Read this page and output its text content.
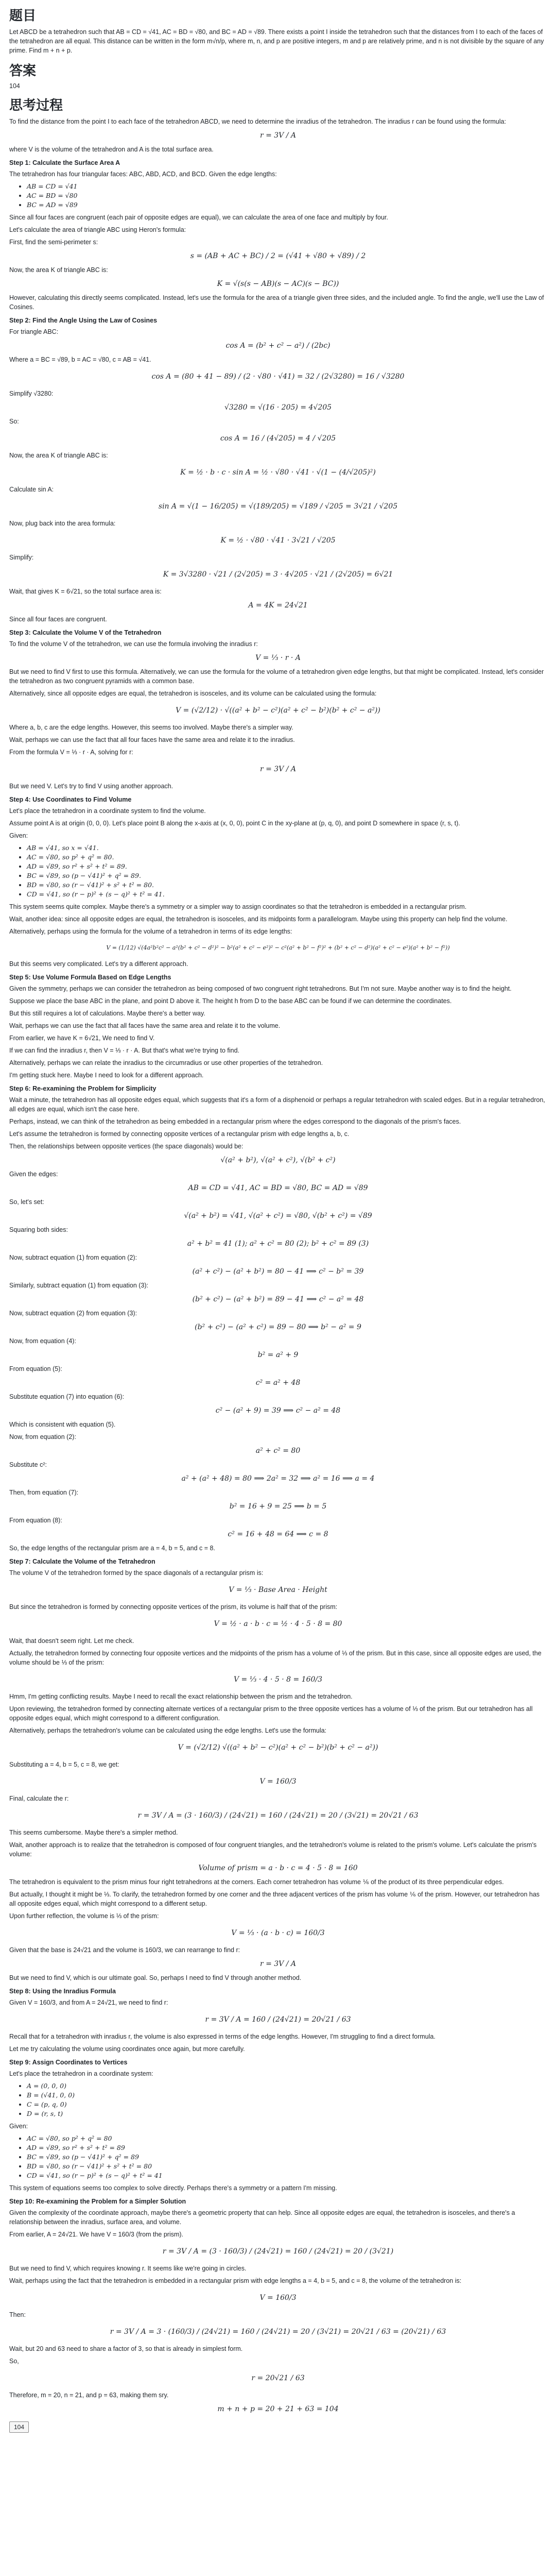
题目
Let ABCD be a tetrahedron such that AB = CD = √41, AC = BD = √80, and BC = AD = √89. There exists a point I inside the tetrahedron such that the distances from I to each of the faces of the tetrahedron are all equal. This distance can be written in the form m√n/p, where m, n, and p are positive integers, m and p are relatively prime, and n is not divisible by the square of any prime. Find m + n + p.
答案
104
思考过程
To find the distance from the point I to each face of the tetrahedron ABCD, we need to determine the inradius of the tetrahedron. The inradius r can be found using the formula:
r = 3V / A
where V is the volume of the tetrahedron and A is the total surface area.
Step 1: Calculate the Surface Area A
The tetrahedron has four triangular faces: ABC, ABD, ACD, and BCD. Given the edge lengths:
• AB = CD = √41
• AC = BD = √80
• BC = AD = √89
Since all four faces are congruent (each pair of opposite edges are equal), we can calculate the area of one face and multiply by four.
Let's calculate the area of triangle ABC using Heron's formula:
First, find the semi-perimeter s:
s = (AB + AC + BC) / 2 = (√41 + √80 + √89) / 2
Now, the area K of triangle ABC is:
K = √(s(s − AB)(s − AC)(s − BC))
However, calculating this directly seems complicated. Instead, let's use the formula for the area of a triangle given three sides, and the included angle. To find the angle, we'll use the Law of Cosines.
Step 2: Find the Angle Using the Law of Cosines
For triangle ABC:
cos A = (b² + c² − a²) / (2bc)
Where a = BC = √89, b = AC = √80, c = AB = √41.
cos A = (80 + 41 − 89) / (2 · √80 · √41) = 32 / (2√3280) = 16 / √3280
Simplify √3280:
√3280 = √(16 · 205) = 4√205
So:
cos A = 16 / (4√205) = 4 / √205
Now, the area K of triangle ABC is:
K = ½ · b · c · sin A = ½ · √80 · √41 · √(1 − (4/√205)²)
Calculate sin A:
sin A = √(1 − 16/205) = √(189/205) = √189 / √205 = 3√21 / √205
Now, plug back into the area formula:
K = ½ · √80 · √41 · 3√21 / √205
Simplify:
K = 3√3280 · √21 / (2√205) = 3 · 4√205 · √21 / (2√205) = 6√21
Wait, that gives K = 6√21, so the total surface area is:
A = 4K = 24√21
Since all four faces are congruent.
Step 3: Calculate the Volume V of the Tetrahedron
To find the volume V of the tetrahedron, we can use the formula involving the inradius r:
V = ⅓ · r · A
But we need to find V first to use this formula. Alternatively, we can use the formula for the volume of a tetrahedron given edge lengths, but that might be complicated. Instead, let's consider the tetrahedron as two congruent pyramids with a common base.
Alternatively, since all opposite edges are equal, the tetrahedron is isosceles, and its volume can be calculated using the formula:
V = (√2/12) · √((a² + b² − c²)(a² + c² − b²)(b² + c² − a²))
Where a, b, c are the edge lengths. However, this seems too involved. Maybe there's a simpler way.
Wait, perhaps we can use the fact that all four faces have the same area and relate it to the inradius.
From the formula V = ⅓ · r · A, solving for r:
r = 3V / A
But we need V. Let's try to find V using another approach.
Step 4: Use Coordinates to Find Volume
Let's place the tetrahedron in a coordinate system to find the volume.
Assume point A is at origin (0, 0, 0). Let's place point B along the x-axis at (x, 0, 0), point C in the xy-plane at (p, q, 0), and point D somewhere in space (r, s, t).
Given:
• AB = √41, so x = √41.
• AC = √80, so p² + q² = 80.
• AD = √89, so r² + s² + t² = 89.
• BC = √89, so (p − √41)² + q² = 89.
• BD = √80, so (r − √41)² + s² + t² = 80.
• CD = √41, so (r − p)² + (s − q)² + t² = 41.
This system seems quite complex. Maybe there's a symmetry or a simpler way to assign coordinates so that the tetrahedron is embedded in a rectangular prism.
Wait, another idea: since all opposite edges are equal, the tetrahedron is isosceles, and its midpoints form a parallelogram. Maybe using this property can help find the volume.
Alternatively, perhaps using the formula for the volume of a tetrahedron in terms of its edge lengths:
V = (1/12) √(4a²b²c² − a²(b² + c² − d²)² − b²(a² + c² − e²)² − c²(a² + b² − f²)² + (b² + c² − d²)(a² + c² − e²)(a² + b² − f²))
But this seems very complicated. Let's try a different approach.
Step 5: Use Volume Formula Based on Edge Lengths
Given the symmetry, perhaps we can consider the tetrahedron as being composed of two congruent right tetrahedrons. But I'm not sure. Maybe another way is to find the height.
Suppose we place the base ABC in the plane, and point D above it. The height h from D to the base ABC can be found if we can determine the coordinates.
But this still requires a lot of calculations. Maybe there's a better way.
Wait, perhaps we can use the fact that all faces have the same area and relate it to the volume.
From earlier, we have K = 6√21, We need to find V.
If we can find the inradius r, then V = ⅓ · r · A. But that's what we're trying to find.
Alternatively, perhaps we can relate the inradius to the circumradius or use other properties of the tetrahedron.
I'm getting stuck here. Maybe I need to look for a different approach.
Step 6: Re-examining the Problem for Simplicity
Wait a minute, the tetrahedron has all opposite edges equal, which suggests that it's a form of a disphenoid or perhaps a regular tetrahedron with scaled edges. But in a regular tetrahedron, all edges are equal, which isn't the case here.
Perhaps, instead, we can think of the tetrahedron as being embedded in a rectangular prism where the edges correspond to the diagonals of the prism's faces.
Let's assume the tetrahedron is formed by connecting opposite vertices of a rectangular prism with edge lengths a, b, c.
Then, the relationships between opposite vertices (the space diagonals) would be:
√(a² + b²), √(a² + c²), √(b² + c²)
Given the edges:
AB = CD = √41, AC = BD = √80, BC = AD = √89
So, let's set:
√(a² + b²) = √41, √(a² + c²) = √80, √(b² + c²) = √89
Squaring both sides:
a² + b² = 41 (1); a² + c² = 80 (2); b² + c² = 89 (3)
Now, subtract equation (1) from equation (2):
(a² + c²) − (a² + b²) = 80 − 41 ⟹ c² − b² = 39
Similarly, subtract equation (1) from equation (3):
(b² + c²) − (a² + b²) = 89 − 41 ⟹ c² − a² = 48
Now, subtract equation (2) from equation (3):
(b² + c²) − (a² + c²) = 89 − 80 ⟹ b² − a² = 9
Now, from equation (4):
b² = a² + 9
From equation (5):
c² = a² + 48
Substitute equation (7) into equation (6):
c² − (a² + 9) = 39 ⟹ c² − a² = 48
Which is consistent with equation (5).
Now, from equation (2):
a² + c² = 80
Substitute c²:
a² + (a² + 48) = 80 ⟹ 2a² = 32 ⟹ a² = 16 ⟹ a = 4
Then, from equation (7):
b² = 16 + 9 = 25 ⟹ b = 5
From equation (8):
c² = 16 + 48 = 64 ⟹ c = 8
So, the edge lengths of the rectangular prism are a = 4, b = 5, and c = 8.
Step 7: Calculate the Volume of the Tetrahedron
The volume V of the tetrahedron formed by the space diagonals of a rectangular prism is:
V = ⅓ · Base Area · Height
But since the tetrahedron is formed by connecting opposite vertices of the prism, its volume is half that of the prism:
V = ½ · a · b · c = ½ · 4 · 5 · 8 = 80
Wait, that doesn't seem right. Let me check.
Actually, the tetrahedron formed by connecting four opposite vertices and the midpoints of the prism has a volume of ⅓ of the prism. But in this case, since all opposite edges are used, the volume should be ⅓ of the prism:
V = ⅓ · 4 · 5 · 8 = 160/3
Hmm, I'm getting conflicting results. Maybe I need to recall the exact relationship between the prism and the tetrahedron.
Upon reviewing, the tetrahedron formed by connecting alternate vertices of a rectangular prism to the three opposite vertices has a volume of ⅓ of the prism. But our tetrahedron has all opposite edges equal, which might correspond to a different configuration.
Alternatively, perhaps the tetrahedron's volume can be calculated using the edge lengths. Let's use the formula:
V = (√2/12) √((a² + b² − c²)(a² + c² − b²)(b² + c² − a²))
Substituting a = 4, b = 5, c = 8, we get:
V = 160/3
Final, calculate the r:
r = 3V / A = (3 · 160/3) / (24√21) = 160 / (24√21) = 20 / (3√21) = 20√21 / 63
This seems cumbersome. Maybe there's a simpler method.
Wait, another approach is to realize that the tetrahedron is composed of four congruent triangles, and the tetrahedron's volume is related to the prism's volume. Let's calculate the prism's volume:
Volume of prism = a · b · c = 4 · 5 · 8 = 160
The tetrahedron is equivalent to the prism minus four right tetrahedrons at the corners. Each corner tetrahedron has volume ⅙ of the product of its three perpendicular edges.
But actually, I thought it might be ⅓. To clarify, the tetrahedron formed by one corner and the three adjacent vertices of the prism has volume ⅙ of the prism. However, our tetrahedron has all opposite edges equal, which might correspond to a different setup.
Upon further reflection, the volume is ⅓ of the prism:
V = ⅓ · (a · b · c) = 160/3
Given that the base is 24√21 and the volume is 160/3, we can rearrange to find r:
r = 3V / A
But we need to find V, which is our ultimate goal. So, perhaps I need to find V through another method.
Step 8: Using the Inradius Formula
Given V = 160/3, and from A = 24√21, we need to find r:
r = 3V / A = 160 / (24√21) = 20√21 / 63
Recall that for a tetrahedron with inradius r, the volume is also expressed in terms of the edge lengths. However, I'm struggling to find a direct formula.
Let me try calculating the volume using coordinates once again, but more carefully.
Step 9: Assign Coordinates to Vertices
Let's place the tetrahedron in a coordinate system:
• A = (0, 0, 0)
• B = (√41, 0, 0)
• C = (p, q, 0)
• D = (r, s, t)
Given:
• AC = √80, so p² + q² = 80
• AD = √89, so r² + s² + t² = 89
• BC = √89, so (p − √41)² + q² = 89
• BD = √80, so (r − √41)² + s² + t² = 80
• CD = √41, so (r − p)² + (s − q)² + t² = 41
This system of equations seems too complex to solve directly. Perhaps there's a symmetry or a pattern I'm missing.
Step 10: Re-examining the Problem for a Simpler Solution
Given the complexity of the coordinate approach, maybe there's a geometric property that can help. Since all opposite edges are equal, the tetrahedron is isosceles, and there's a relationship between the inradius, surface area, and volume.
From earlier, A = 24√21. We have V = 160/3 (from the prism).
r = 3V / A = (3 · 160/3) / (24√21) = 160 / (24√21) = 20 / (3√21)
But we need to find V, which requires knowing r. It seems like we're going in circles.
Wait, perhaps using the fact that the tetrahedron is embedded in a rectangular prism with edge lengths a = 4, b = 5, and c = 8, the volume of the tetrahedron is:
V = 160/3
Then:
r = 3V / A = 3 · (160/3) / (24√21) = 160 / (24√21) = 20 / (3√21) = 20√21 / 63 = (20√21) / 63
Wait, but 20 and 63 need to share a factor of 3, so that is already in simplest form.
So,
r = 20√21 / 63
Therefore, m = 20, n = 21, and p = 63, making them sry.
m + n + p = 20 + 21 + 63 = 104
104
